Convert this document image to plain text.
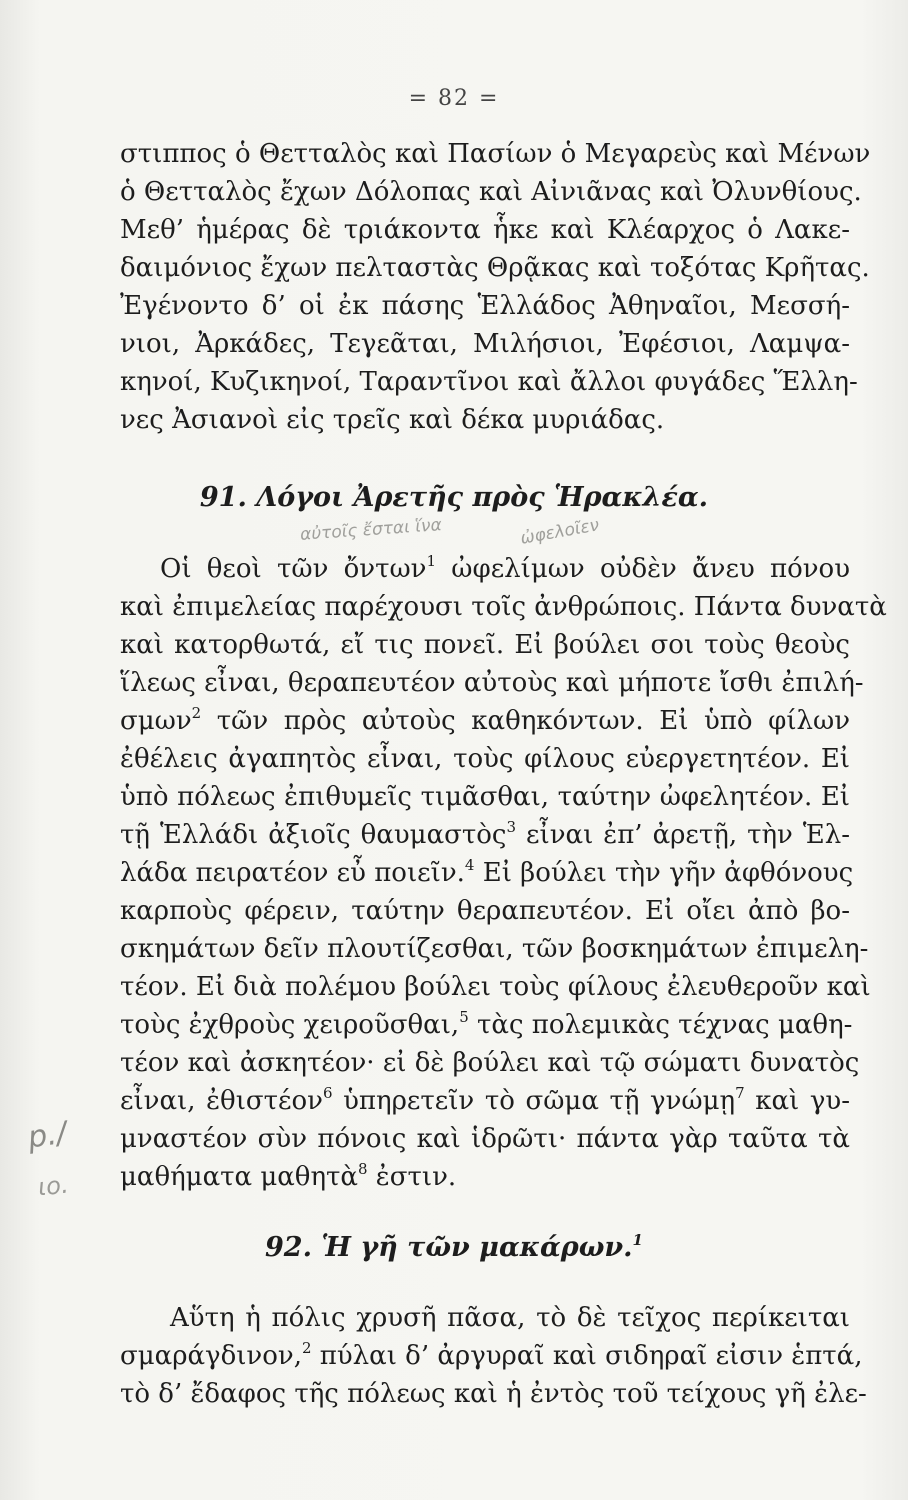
= 82 =
στιππος ὁ Θετταλὸς καὶ Πασίων ὁ Μεγαρεὺς καὶ Μένων
ὁ Θετταλὸς ἔχων Δόλοπας καὶ Αἰνιᾶνας καὶ Ὀλυνθίους.
Μεθ’ ἡμέρας δὲ τριάκοντα ἧκε καὶ Κλέαρχος ὁ Λακε-
δαιμόνιος ἔχων πελταστὰς Θρᾷκας καὶ τοξότας Κρῆτας.
Ἐγένοντο δ’ οἱ ἐκ πάσης Ἑλλάδος Ἀθηναῖοι, Μεσσή-
νιοι, Ἀρκάδες, Τεγεᾶται, Μιλήσιοι, Ἐφέσιοι, Λαμψα-
κηνοί, Κυζικηνοί, Ταραντῖνοι καὶ ἄλλοι φυγάδες Ἕλλη-
νες Ἀσιανοὶ εἰς τρεῖς καὶ δέκα μυριάδας.
91. Λόγοι Ἀρετῆς πρὸς Ἡρακλέα.
Οἱ θεοὶ τῶν ὄντων$^1$ ὠφελίμων οὐδὲν ἄνευ πόνου
καὶ ἐπιμελείας παρέχουσι τοῖς ἀνθρώποις. Πάντα δυνατὰ
καὶ κατορθωτά, εἴ τις πονεῖ. Εἰ βούλει σοι τοὺς θεοὺς
ἵλεως εἶναι, θεραπευτέον αὐτοὺς καὶ μήποτε ἴσθι ἐπιλή-
σμων$^2$ τῶν πρὸς αὐτοὺς καθηκόντων. Εἰ ὑπὸ φίλων
ἐθέλεις ἀγαπητὸς εἶναι, τοὺς φίλους εὐεργετητέον. Εἰ
ὑπὸ πόλεως ἐπιθυμεῖς τιμᾶσθαι, ταύτην ὠφελητέον. Εἰ
τῇ Ἑλλάδι ἀξιοῖς θαυμαστὸς$^3$ εἶναι ἐπ’ ἀρετῇ, τὴν Ἑλ-
λάδα πειρατέον εὖ ποιεῖν.$^4$ Εἰ βούλει τὴν γῆν ἀφθόνους
καρποὺς φέρειν, ταύτην θεραπευτέον. Εἰ οἴει ἀπὸ βο-
σκημάτων δεῖν πλουτίζεσθαι, τῶν βοσκημάτων ἐπιμελη-
τέον. Εἰ διὰ πολέμου βούλει τοὺς φίλους ἐλευθεροῦν καὶ
τοὺς ἐχθροὺς χειροῦσθαι,$^5$ τὰς πολεμικὰς τέχνας μαθη-
τέον καὶ ἀσκητέον· εἰ δὲ βούλει καὶ τῷ σώματι δυνατὸς
εἶναι, ἐθιστέον$^6$ ὑπηρετεῖν τὸ σῶμα τῇ γνώμῃ$^7$ καὶ γυ-
μναστέον σὺν πόνοις καὶ ἱδρῶτι· πάντα γὰρ ταῦτα τὰ
μαθήματα μαθητὰ$^8$ ἐστιν.
92. Ἡ γῆ τῶν μακάρων.$^1$
Αὕτη ἡ πόλις χρυσῆ πᾶσα, τὸ δὲ τεῖχος περίκειται
σμαράγδινον,$^2$ πύλαι δ’ ἀργυραῖ καὶ σιδηραῖ εἰσιν ἑπτά,
τὸ δ’ ἔδαφος τῆς πόλεως καὶ ἡ ἐντὸς τοῦ τείχους γῆ ἐλε-
αὐτοῖς ἔσται ἵνα	ὠφελοῖεν
p./
ιο.
